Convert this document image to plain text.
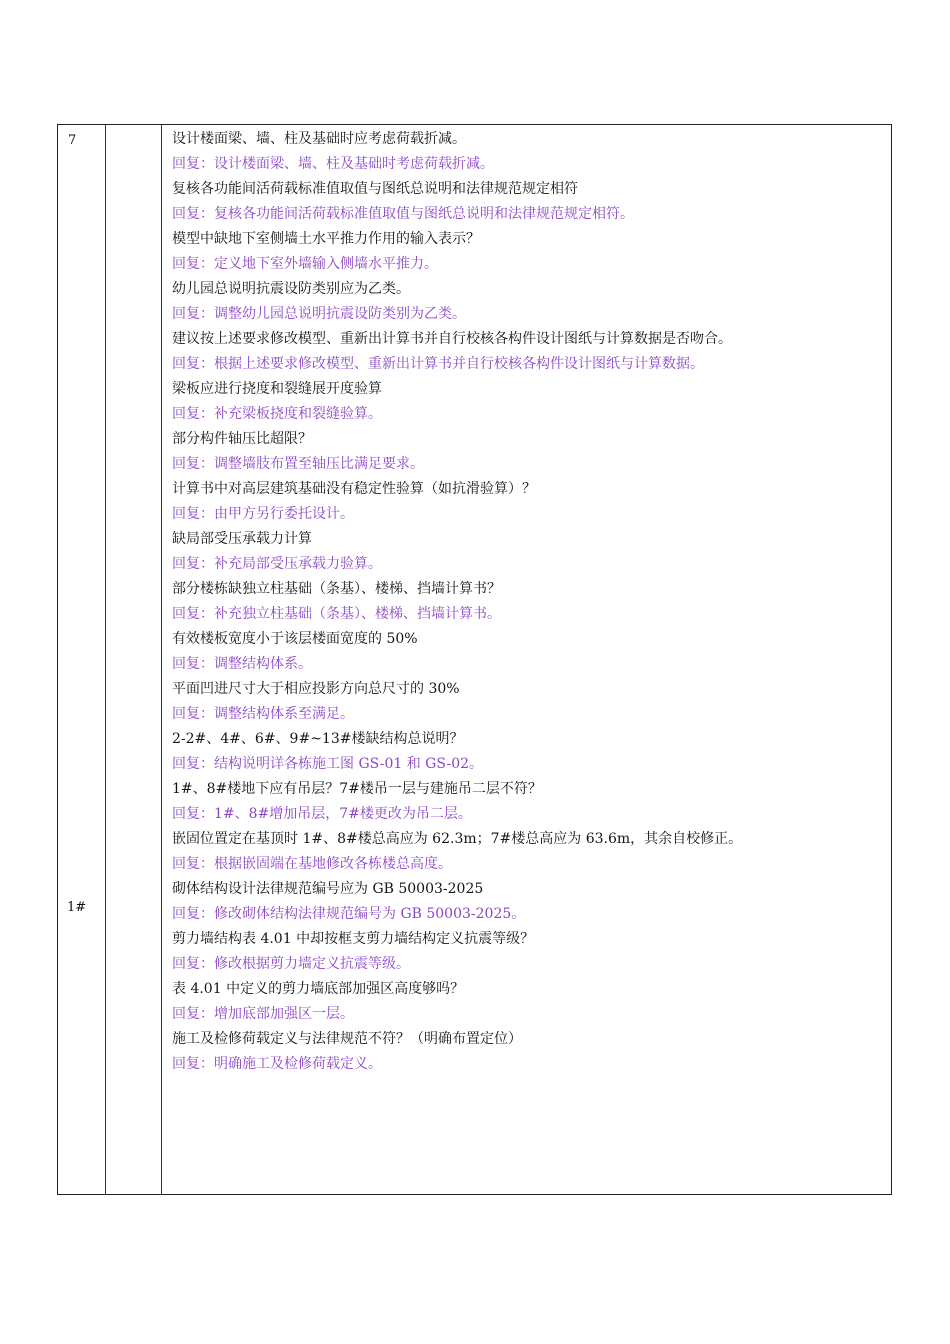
7
1#
设计楼面梁、墙、柱及基础时应考虑荷载折减。
回复：设计楼面梁、墙、柱及基础时考虑荷载折减。
复核各功能间活荷载标准值取值与图纸总说明和法律规范规定相符
回复：复核各功能间活荷载标准值取值与图纸总说明和法律规范规定相符。
模型中缺地下室侧墙土水平推力作用的输入表示？
回复：定义地下室外墙输入侧墙水平推力。
幼儿园总说明抗震设防类别应为乙类。
回复：调整幼儿园总说明抗震设防类别为乙类。
建议按上述要求修改模型、重新出计算书并自行校核各构件设计图纸与计算数据是否吻合。
回复：根据上述要求修改模型、重新出计算书并自行校核各构件设计图纸与计算数据。
梁板应进行挠度和裂缝展开度验算
回复：补充梁板挠度和裂缝验算。
部分构件轴压比超限？
回复：调整墙肢布置至轴压比满足要求。
计算书中对高层建筑基础没有稳定性验算（如抗滑验算）？
回复：由甲方另行委托设计。
缺局部受压承载力计算
回复：补充局部受压承载力验算。
部分楼栋缺独立柱基础（条基）、楼梯、挡墙计算书？
回复：补充独立柱基础（条基）、楼梯、挡墙计算书。
有效楼板宽度小于该层楼面宽度的 50%
回复：调整结构体系。
平面凹进尺寸大于相应投影方向总尺寸的 30%
回复：调整结构体系至满足。
2-2#、4#、6#、9#~13#楼缺结构总说明？
回复：结构说明详各栋施工图 GS-01 和 GS-02。
1#、8#楼地下应有吊层？7#楼吊一层与建施吊二层不符？
回复：1#、8#增加吊层，7#楼更改为吊二层。
嵌固位置定在基顶时 1#、8#楼总高应为 62.3m；7#楼总高应为 63.6m，其余自校修正。
回复：根据嵌固端在基地修改各栋楼总高度。
砌体结构设计法律规范编号应为 GB 50003-2025
回复：修改砌体结构法律规范编号为 GB 50003-2025。
剪力墙结构表 4.01 中却按框支剪力墙结构定义抗震等级？
回复：修改根据剪力墙定义抗震等级。
表 4.01 中定义的剪力墙底部加强区高度够吗？
回复：增加底部加强区一层。
施工及检修荷载定义与法律规范不符？（明确布置定位）
回复：明确施工及检修荷载定义。
